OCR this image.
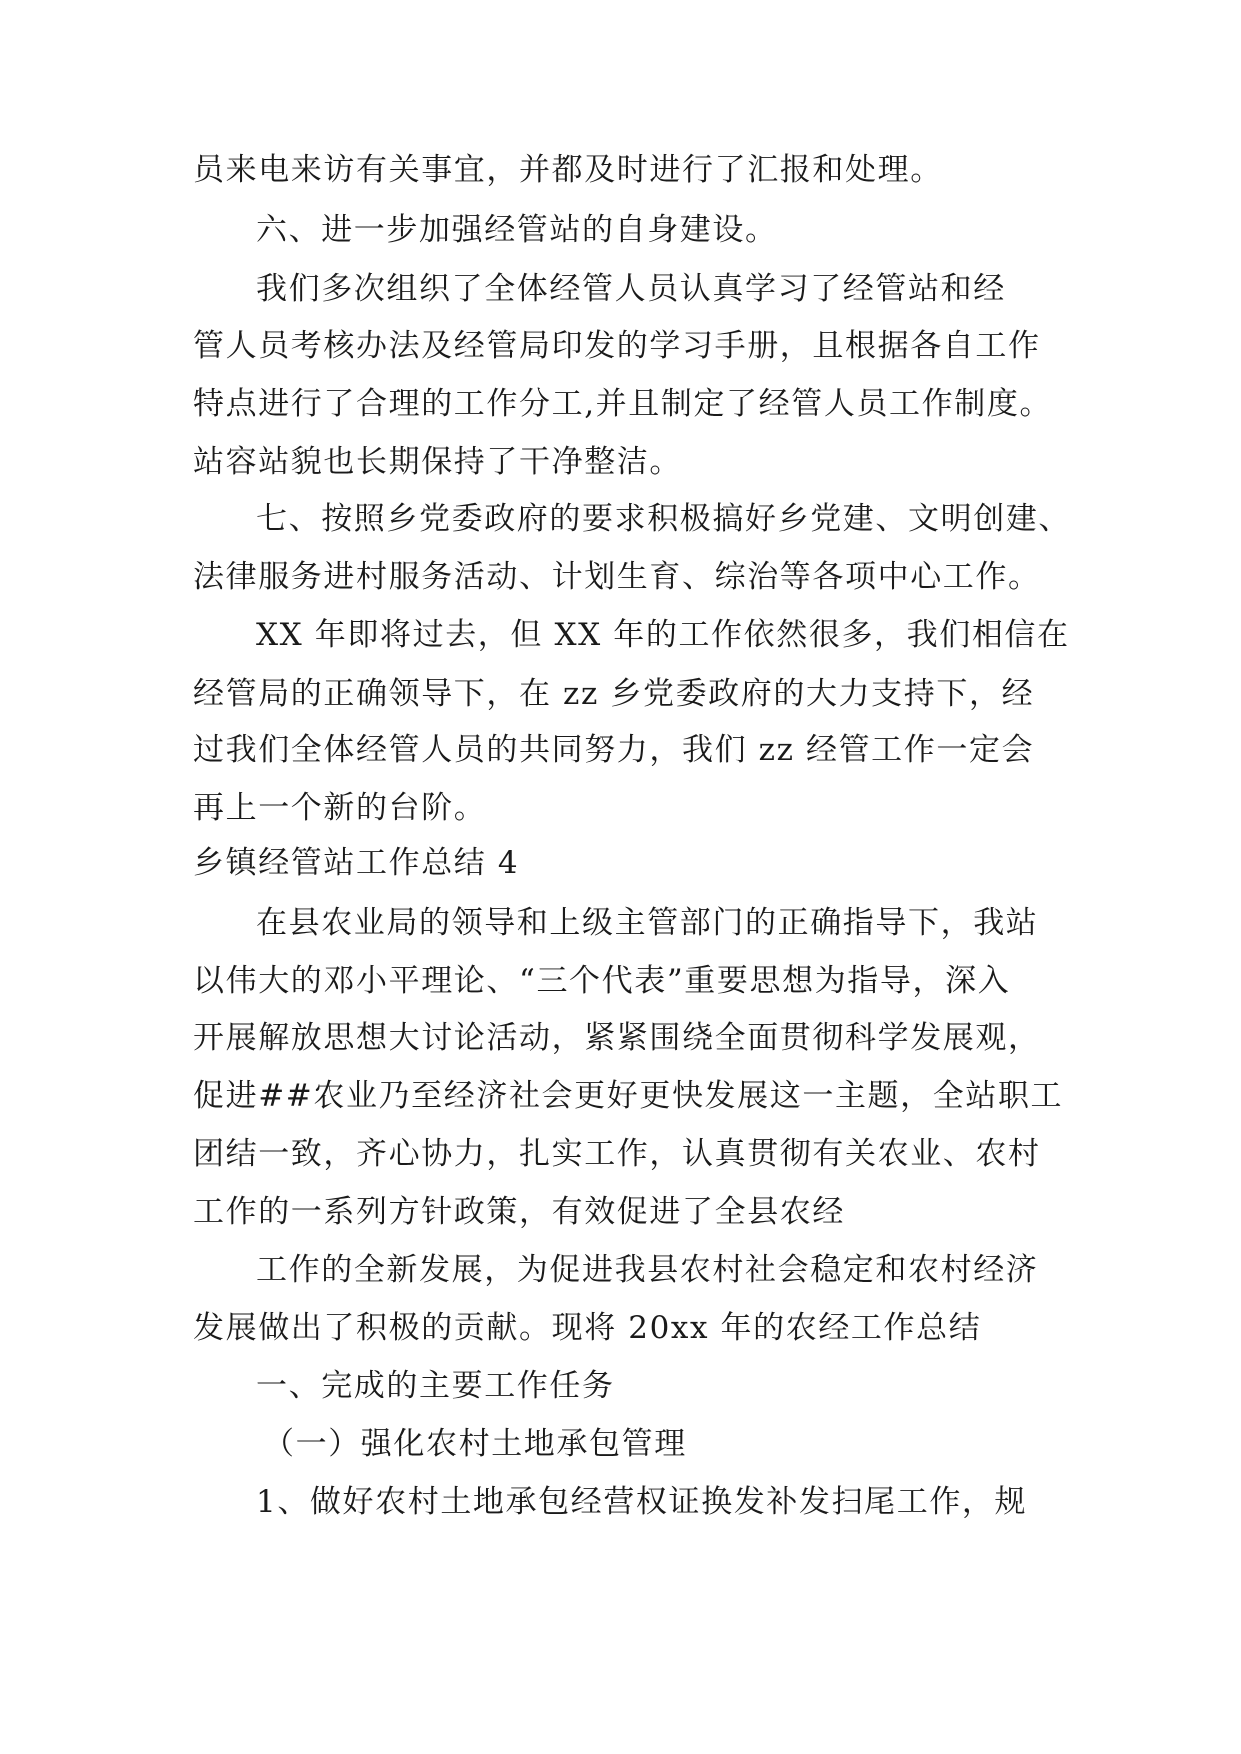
员来电来访有关事宜，并都及时进行了汇报和处理。
六、进一步加强经管站的自身建设。
我们多次组织了全体经管人员认真学习了经管站和经
管人员考核办法及经管局印发的学习手册，且根据各自工作
特点进行了合理的工作分工,并且制定了经管人员工作制度。
站容站貌也长期保持了干净整洁。
七、按照乡党委政府的要求积极搞好乡党建、文明创建、
法律服务进村服务活动、计划生育、综治等各项中心工作。
XX 年即将过去，但 XX 年的工作依然很多，我们相信在
经管局的正确领导下，在 zz 乡党委政府的大力支持下，经
过我们全体经管人员的共同努力，我们 zz 经管工作一定会
再上一个新的台阶。
乡镇经管站工作总结 4
在县农业局的领导和上级主管部门的正确指导下，我站
以伟大的邓小平理论、“三个代表”重要思想为指导，深入
开展解放思想大讨论活动，紧紧围绕全面贯彻科学发展观，
促进##农业乃至经济社会更好更快发展这一主题，全站职工
团结一致，齐心协力，扎实工作，认真贯彻有关农业、农村
工作的一系列方针政策，有效促进了全县农经
工作的全新发展，为促进我县农村社会稳定和农村经济
发展做出了积极的贡献。现将 20xx 年的农经工作总结
一、完成的主要工作任务
（一）强化农村土地承包管理
1、做好农村土地承包经营权证换发补发扫尾工作，规
